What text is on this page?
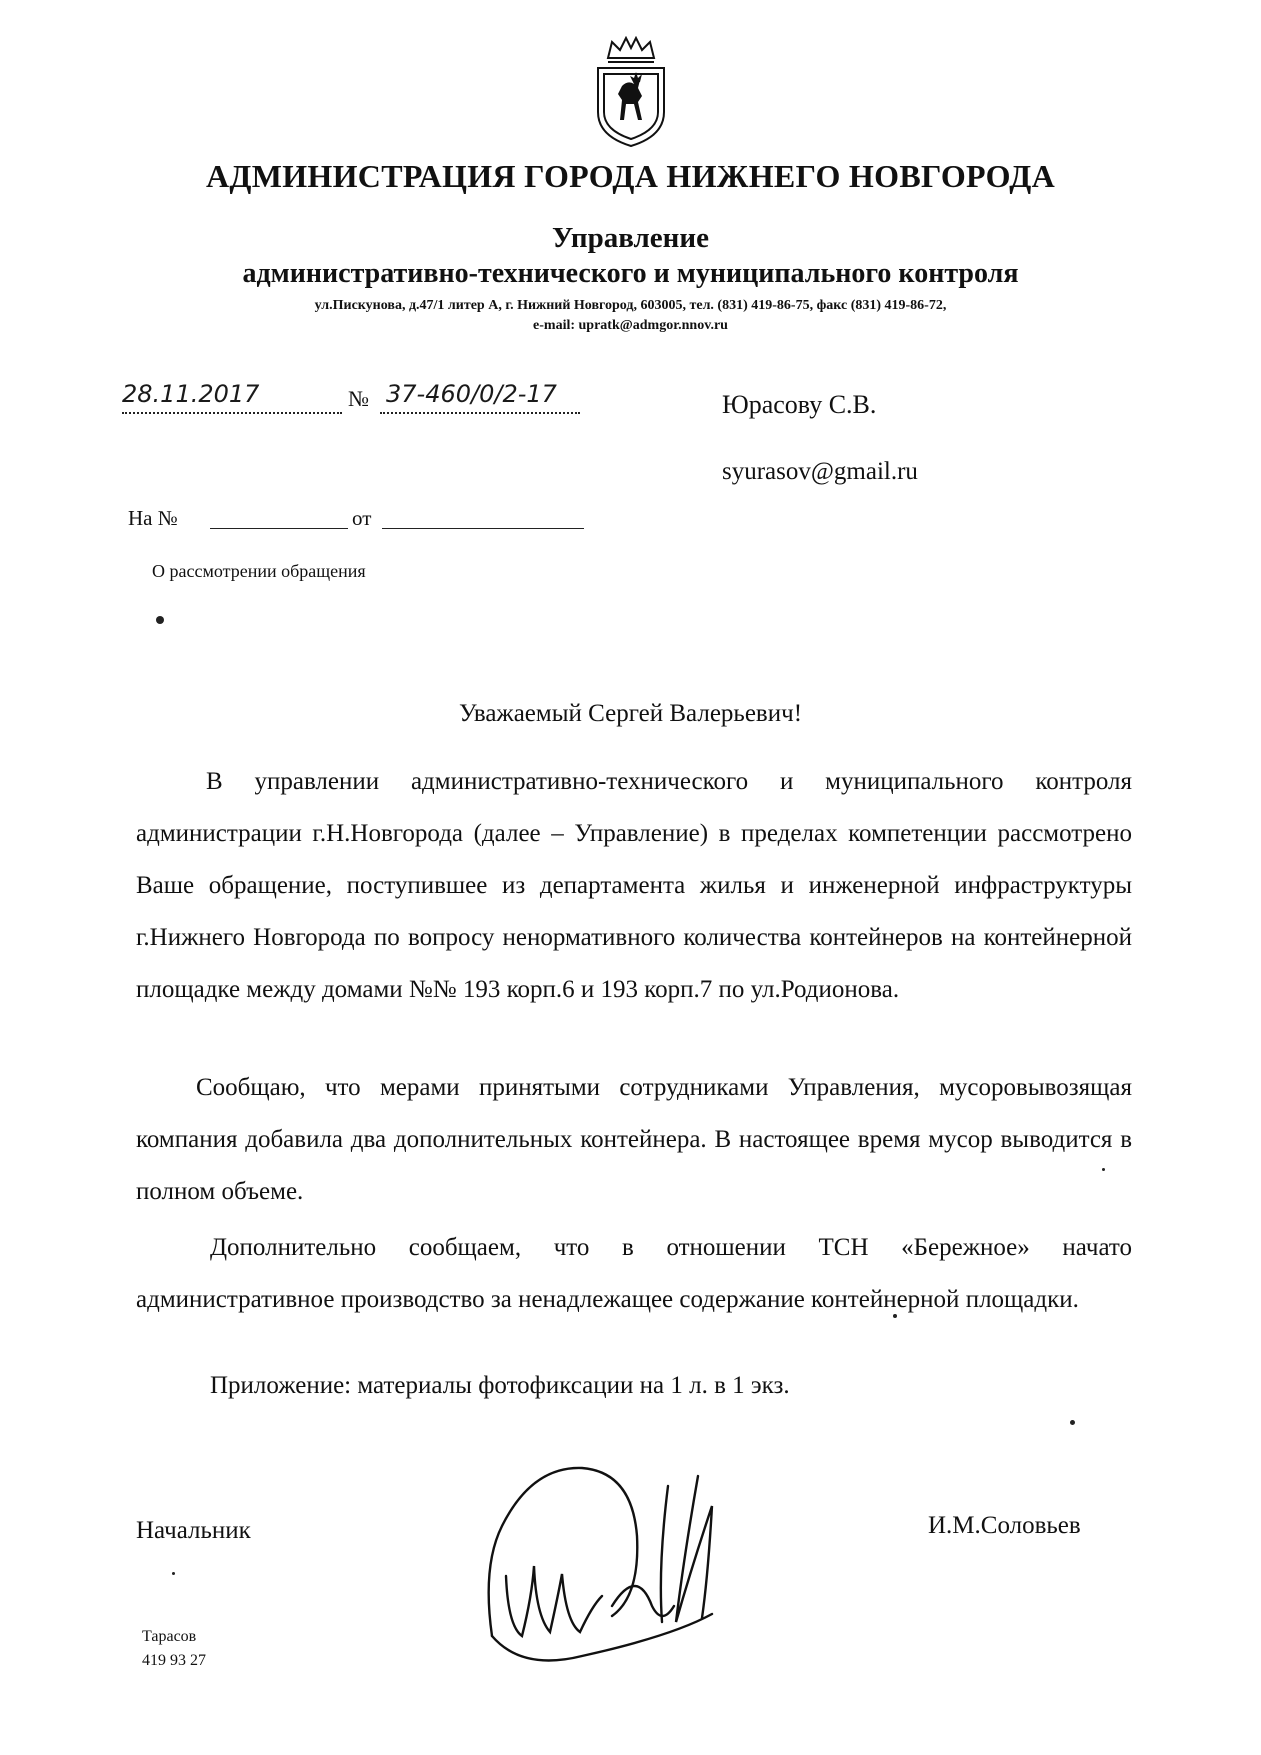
АДМИНИСТРАЦИЯ ГОРОДА НИЖНЕГО НОВГОРОДА
Управление
административно-технического и муниципального контроля
ул.Пискунова, д.47/1 литер А, г. Нижний Новгород, 603005, тел. (831) 419-86-75, факс (831) 419-86-72,
e-mail: upratk@admgor.nnov.ru
28.11.2017	№ 37-460/0/2-17	Юрасову С.В.
syurasov@gmail.ru
На №	от
О рассмотрении обращения
Уважаемый Сергей Валерьевич!
В управлении административно-технического и муниципального контроля администрации г.Н.Новгорода (далее – Управление) в пределах компетенции рассмотрено Ваше обращение, поступившее из департамента жилья и инженерной инфраструктуры г.Нижнего Новгорода по вопросу ненормативного количества контейнеров на контейнерной площадке между домами №№ 193 корп.6 и 193 корп.7 по ул.Родионова.
Сообщаю, что мерами принятыми сотрудниками Управления, мусоровывозящая компания добавила два дополнительных контейнера. В настоящее время мусор выводится в полном объеме.
Дополнительно сообщаем, что в отношении ТСН «Бережное» начато административное производство за ненадлежащее содержание контейнерной площадки.
Приложение: материалы фотофиксации на 1 л. в 1 экз.
Начальник	И.М.Соловьев
Тарасов
419 93 27
